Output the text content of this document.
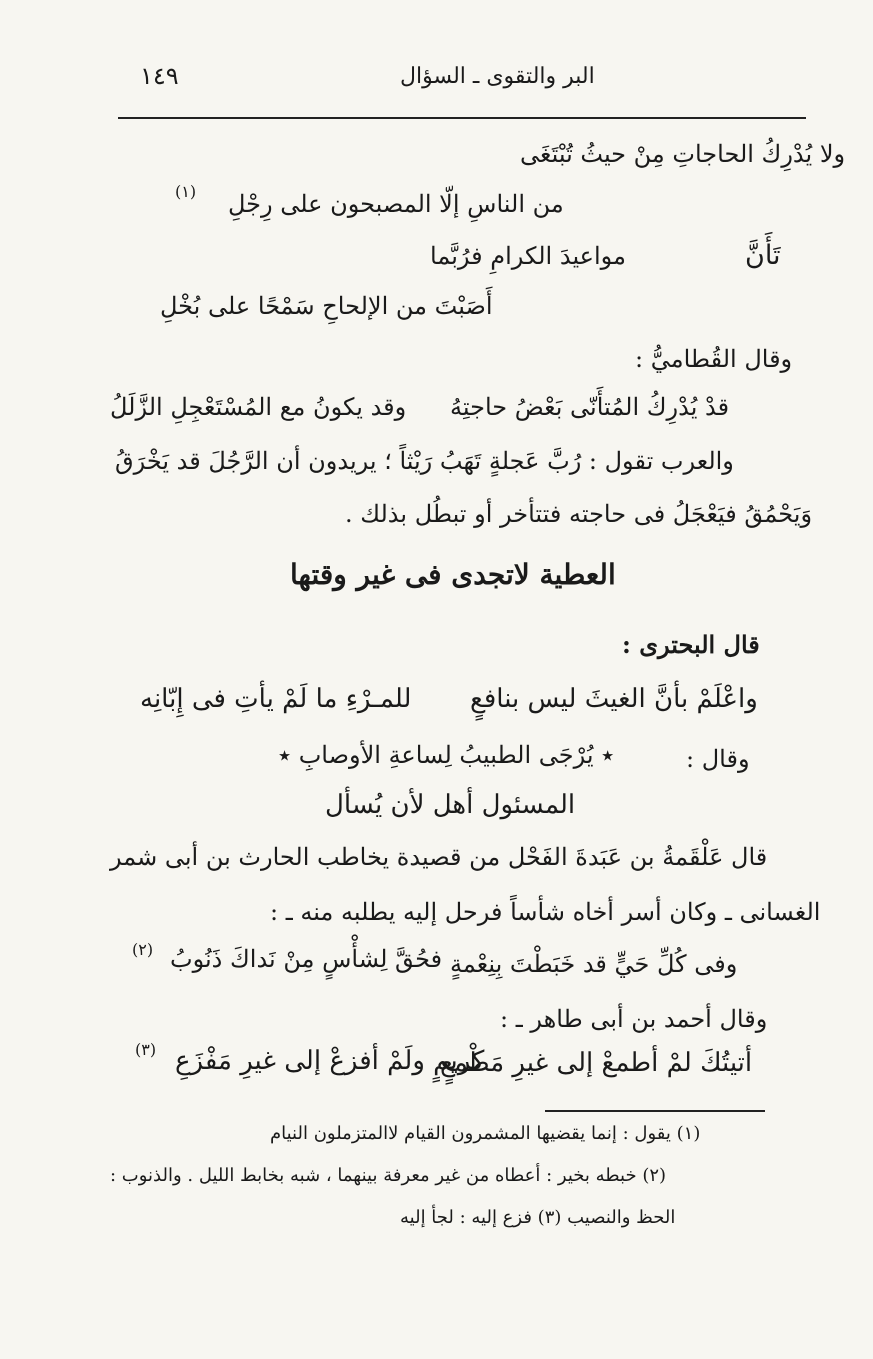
١٤٩	البر والتقوى ـ السؤال
ولا يُدْرِكُ الحاجاتِ مِنْ حيثُ تُبْتَغَى
من الناسِ إلّا المصبحون على رِجْلِ
(١)
تَأَنَّ
مواعيدَ الكرامِ فرُبَّما
أَصَبْتَ من الإلحاحِ سَمْحًا على بُخْلِ
وقال القُطاميُّ :
قدْ يُدْرِكُ المُتأَنّى بَعْضُ حاجتِهُ
وقد يكونُ مع المُسْتَعْجِلِ الزَّلَلُ
والعرب تقول : رُبَّ عَجلةٍ تَهَبُ رَيْثاً ؛ يريدون أن الرَّجُلَ قد يَخْرَقُ
وَيَحْمُقُ فيَعْجَلُ فى حاجته فتتأخر أو تبطُل بذلك .
العطية لاتجدى فى غير وقتها
قال البحترى :
واعْلَمْ بأنَّ الغيثَ ليس بنافعٍ
للمـرْءِ ما لَمْ يأتِ فى إِبّانِه
وقال :
٭ يُرْجَى الطبيبُ لِساعةِ الأوصابِ ٭
المسئول أهل لأن يُسأل
قال عَلْقَمةُ بن عَبَدةَ الفَحْل من قصيدة يخاطب الحارث بن أبى شمر
الغسانى ـ وكان أسر أخاه شأساً فرحل إليه يطلبه منه ـ :
وفى كُلِّ حَيٍّ قد خَبَطْتَ بِنِعْمةٍ
فحُقَّ لِشأْسٍ مِنْ نَداكَ ذَنُوبُ
(٢)
وقال أحمد بن أبى طاهر ـ :
أتيتُكَ لمْ أطمعْ إلى غيرِ مَطْمعٍ
كريمٍ ولَمْ أفزعْ إلى غيرِ مَفْزَعِ
(٣)
(١) يقول : إنما يقضيها المشمرون القيام لاالمتزملون النيام
(٢) خبطه بخير : أعطاه من غير معرفة بينهما ، شبه بخابط الليل . والذنوب :
الحظ والنصيب (٣) فزع إليه : لجأ إليه
